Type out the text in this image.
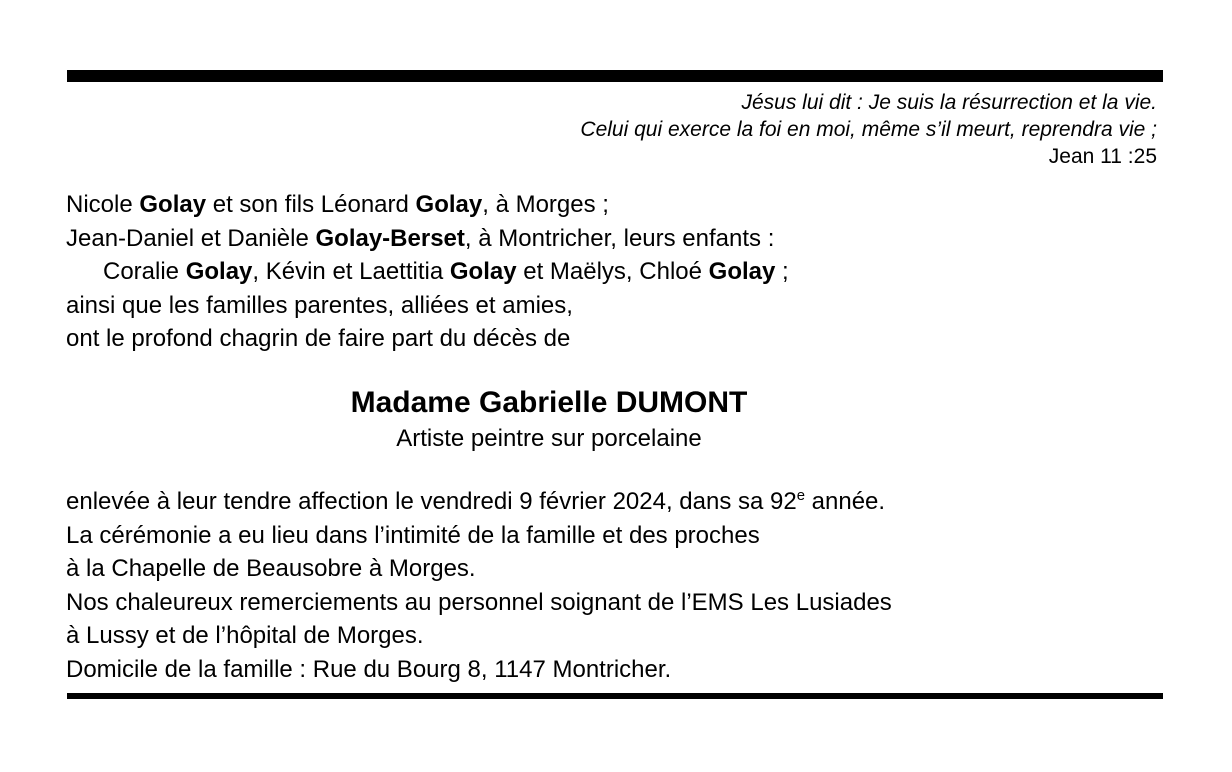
Jésus lui dit : Je suis la résurrection et la vie.
Celui qui exerce la foi en moi, même s’il meurt, reprendra vie ;
Jean 11 :25
Nicole Golay et son fils Léonard Golay, à Morges ;
Jean-Daniel et Danièle Golay-Berset, à Montricher, leurs enfants :
Coralie Golay, Kévin et Laettitia Golay et Maëlys, Chloé Golay ;
ainsi que les familles parentes, alliées et amies,
ont le profond chagrin de faire part du décès de
Madame Gabrielle DUMONT
Artiste peintre sur porcelaine
enlevée à leur tendre affection le vendredi 9 février 2024, dans sa 92e année.
La cérémonie a eu lieu dans l’intimité de la famille et des proches
à la Chapelle de Beausobre à Morges.
Nos chaleureux remerciements au personnel soignant de l’EMS Les Lusiades
à Lussy et de l’hôpital de Morges.
Domicile de la famille : Rue du Bourg 8, 1147 Montricher.
